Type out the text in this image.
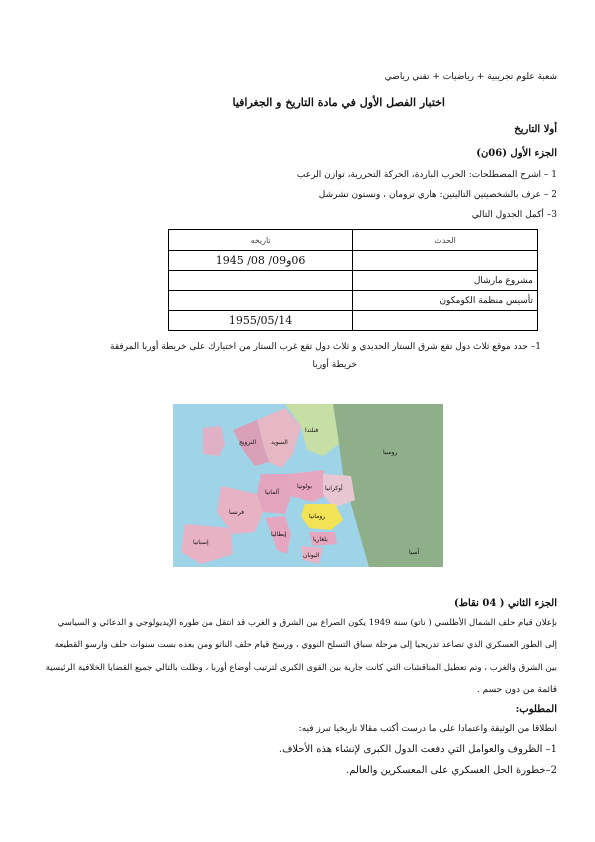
شعبة علوم تجريبية + رياضيات + تقني رياضي
اختبار الفصل الأول في مادة التاريخ و الجغرافيا
أولا التاريخ
الجزء الأول (06ن)
1 – اشرح المصطلحات: الحرب الباردة، الحركة التحررية، توازن الرعب
2 – عرف بالشخصيتين التاليتين: هاري ترومان ، ونستون تشرشل
3– أكمل الجدول التالي
الحدث	تاريخه
	06و09/ 08/ 1945
مشروع مارشال	
تأسيس منظمة الكومكون	
	1955/05/14
1– حدد موقع ثلاث دول تقع شرق الستار الحديدي و ثلاث دول تقع غرب الستار من اختيارك على خريطة أوربا المرفقة
خريطة أوربا
روسيا
آسيا
فنلندا
السويد
النرويج
بولونيا
ألمانيا
فرنسا
إسبانيا
إيطاليا
أوكرانيا
رومانيا
بلغاريا
اليونان
الجزء الثاني ( 04 نقاط)
بإعلان قيام حلف الشمال الأطلسي ( ناتو) سنة 1949 يكون الصراع بين الشرق و الغرب قد انتقل من طوره الإيديولوجي و الدعائي و السياسي
إلى الطور العسكري الذي تصاعد تدريجيا إلى مرحلة سباق التسلح النووي ، ورسخ قيام حلف الناتو ومن بعده بست سنوات حلف وارسو القطيعة
بين الشرق والغرب ، وتم تعطيل المناقشات التي كانت جارية بين القوى الكبرى لترتيب أوضاع أوربا ، وظلت بالتالي جميع القضايا الخلافية الرئيسية
قائمة من دون حسم .
المطلوب:
انطلاقا من الوثيقة واعتمادا على ما درست أكتب مقالا تاريخيا تبرز فيه:
1– الظروف والعوامل التي دفعت الدول الكبرى لإنشاء هذه الأحلاف.
2–خطورة الحل العسكري على المعسكرين والعالم.
